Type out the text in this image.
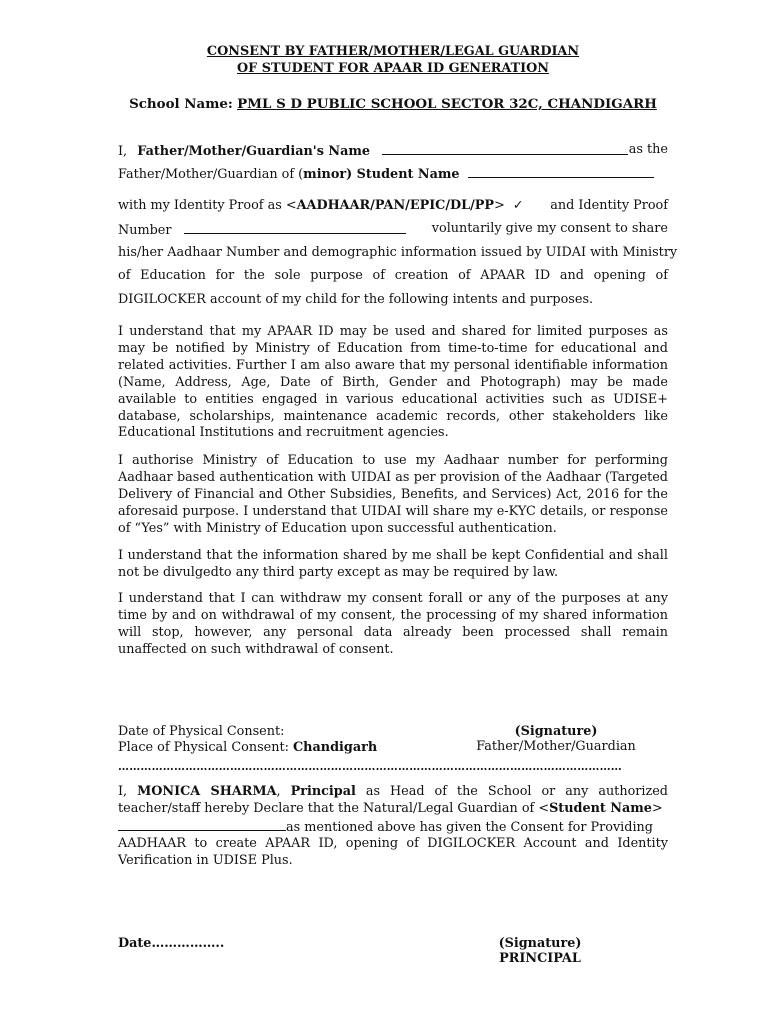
CONSENT BY FATHER/MOTHER/LEGAL GUARDIAN

OF STUDENT FOR APAAR ID GENERATION

School Name: PML S D PUBLIC SCHOOL SECTOR 32C, CHANDIGARH
I, Father/Mother/Guardian's Name	as the
Father/Mother/Guardian of (minor) Student Name
with my Identity Proof as <AADHAAR/PAN/EPIC/DL/PP> ✓ and Identity Proof
Number	voluntarily give my consent to share
his/her Aadhaar Number and demographic information issued by UIDAI with Ministry
of Education for the sole purpose of creation of APAAR ID and opening of
DIGILOCKER account of my child for the following intents and purposes.

I understand that my APAAR ID may be used and shared for limited purposes as may be notified by Ministry of Education from time-to-time for educational and related activities. Further I am also aware that my personal identifiable information (Name, Address, Age, Date of Birth, Gender and Photograph) may be made available to entities engaged in various educational activities such as UDISE+ database, scholarships, maintenance academic records, other stakeholders like Educational Institutions and recruitment agencies.

I authorise Ministry of Education to use my Aadhaar number for performing Aadhaar based authentication with UIDAI as per provision of the Aadhaar (Targeted Delivery of Financial and Other Subsidies, Benefits, and Services) Act, 2016 for the aforesaid purpose. I understand that UIDAI will share my e-KYC details, or response of “Yes” with Ministry of Education upon successful authentication.

I understand that the information shared by me shall be kept Confidential and shall not be divulgedto any third party except as may be required by law.

I understand that I can withdraw my consent forall or any of the purposes at any time by and on withdrawal of my consent, the processing of my shared information will stop, however, any personal data already been processed shall remain unaffected on such withdrawal of consent.

Date of Physical Consent:
Place of Physical Consent: Chandigarh
(Signature)
Father/Mother/Guardian
………………………………………………………………………………………………………………………
I, MONICA SHARMA, Principal as Head of the School or any authorized
teacher/staff hereby Declare that the Natural/Legal Guardian of <Student Name>
as mentioned above has given the Consent for Providing
AADHAAR to create APAAR ID, opening of DIGILOCKER Account and Identity
Verification in UDISE Plus.
Date……………..	(Signature)
PRINCIPAL
